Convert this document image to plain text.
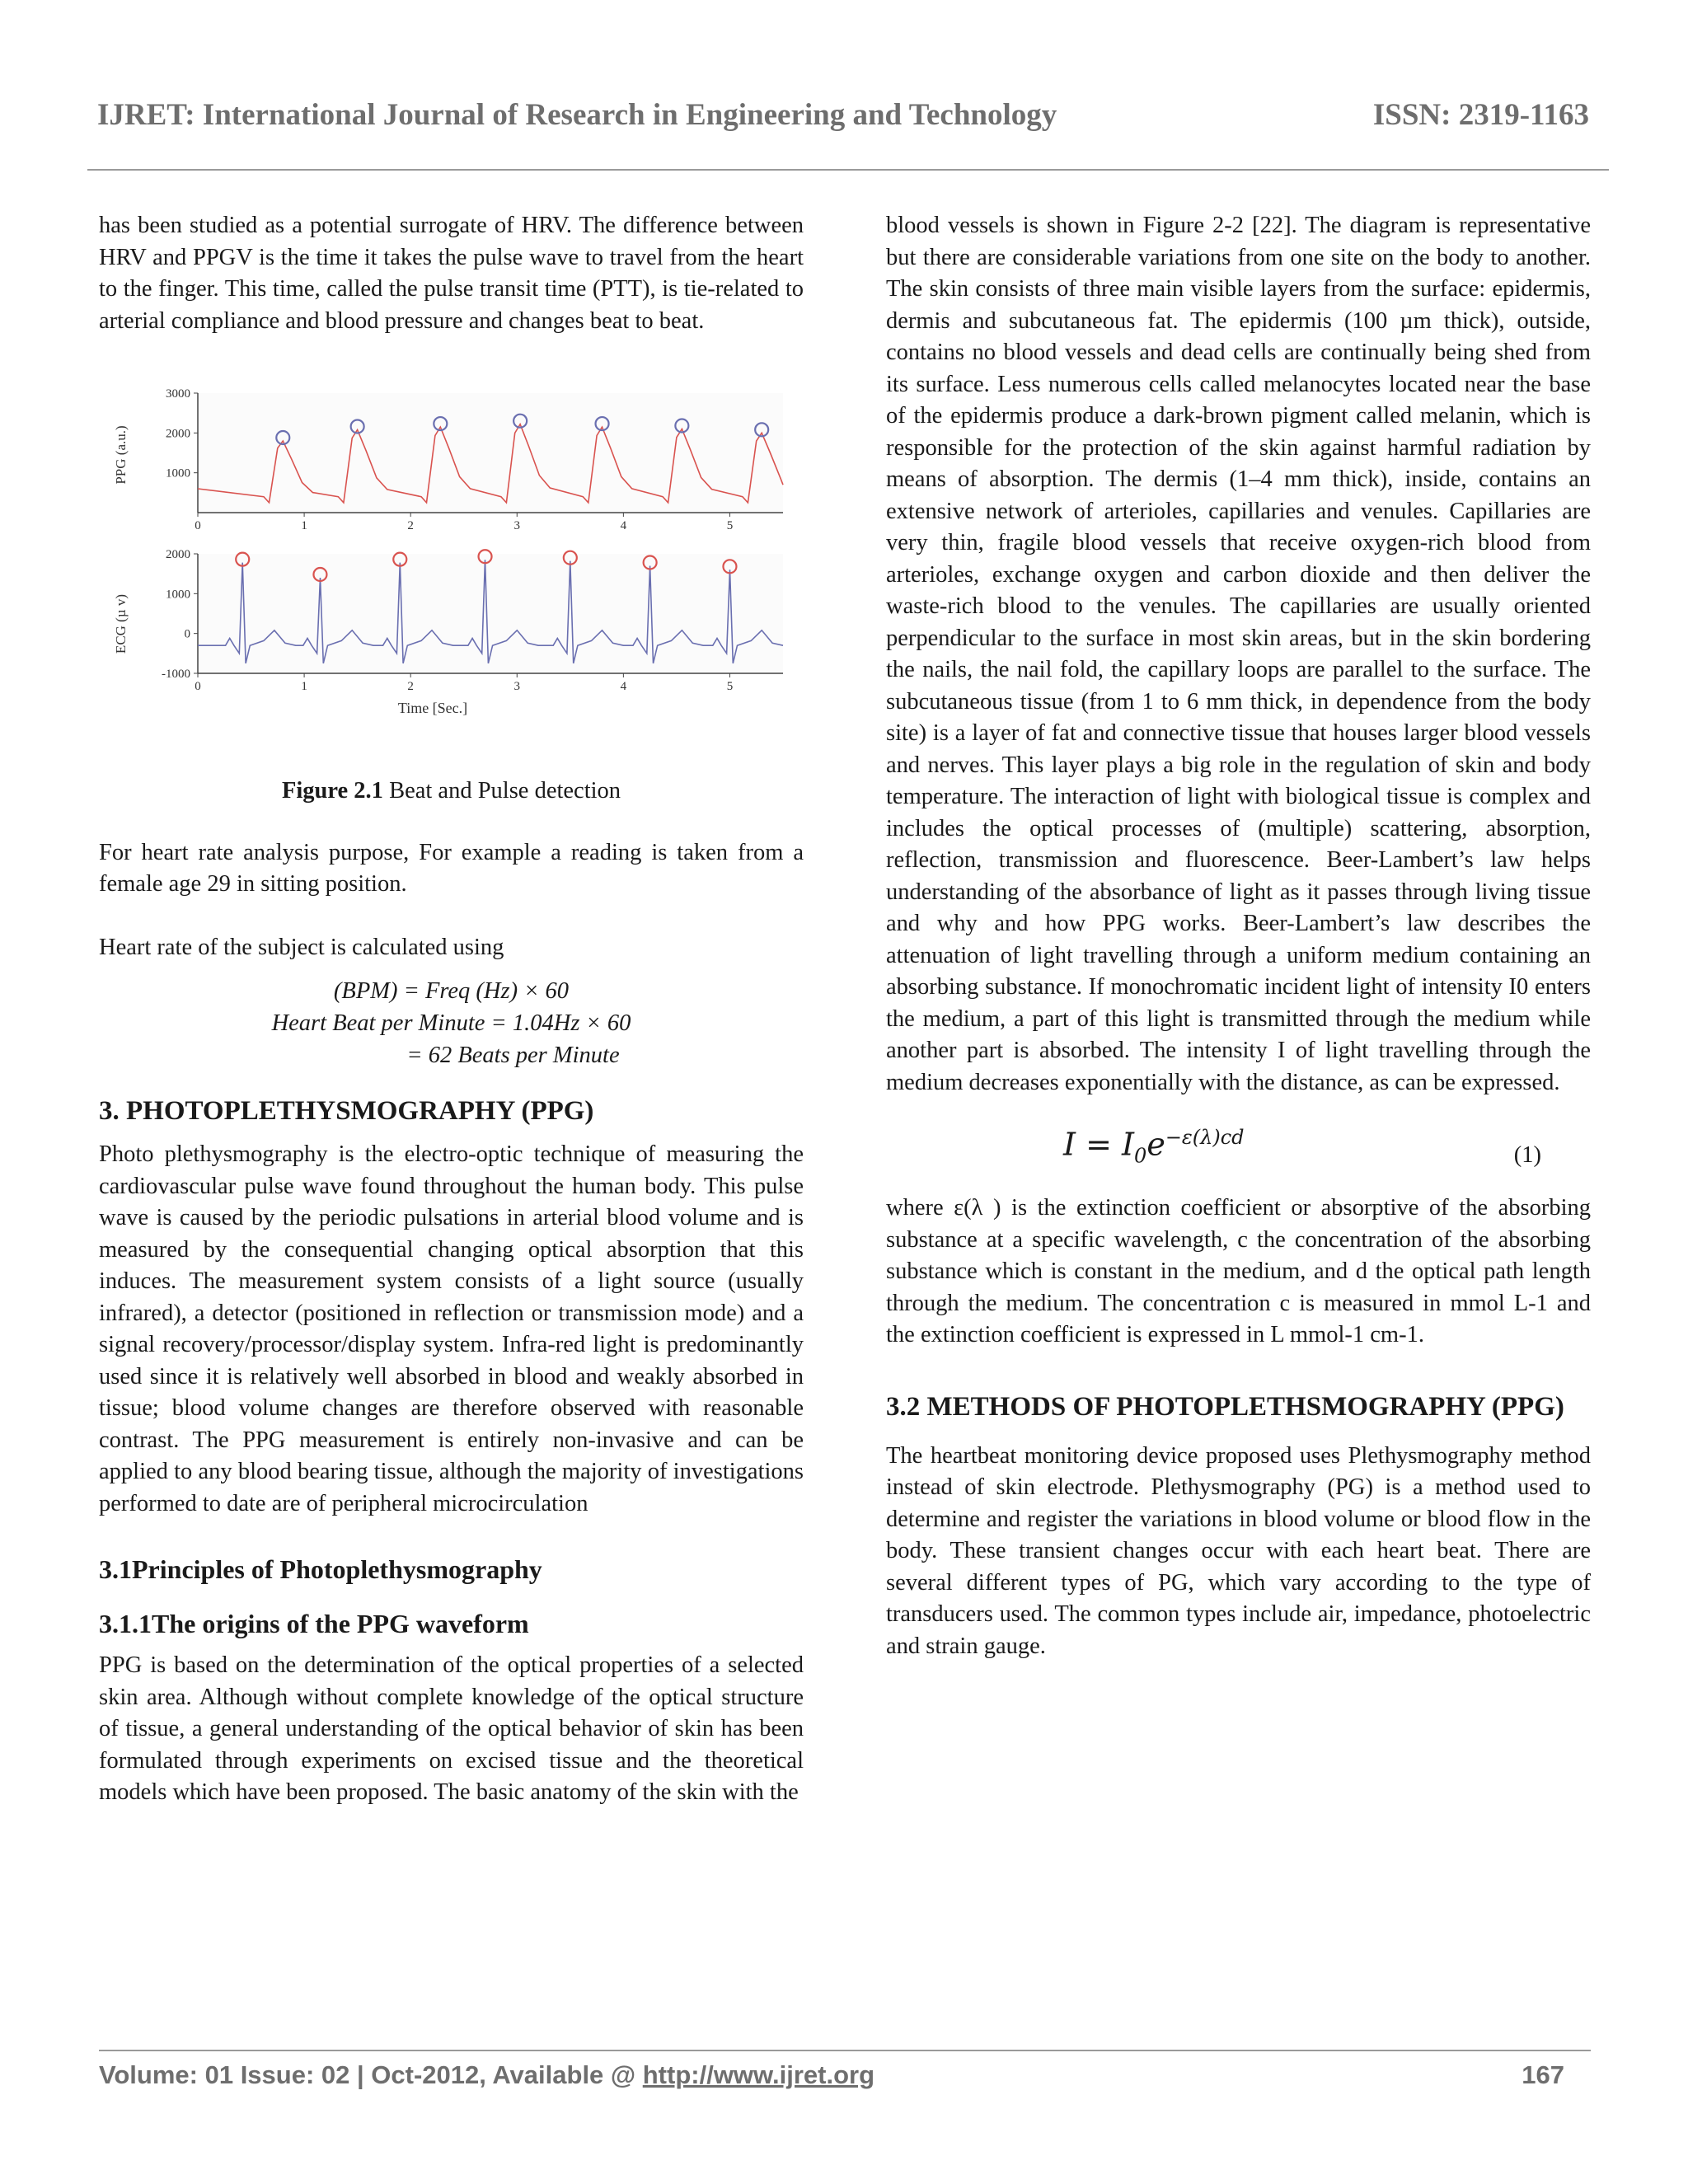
IJRET: International Journal of Research in Engineering and Technology	ISSN: 2319-1163

has been studied as a potential surrogate of HRV. The difference between HRV and PPGV is the time it takes the pulse wave to travel from the heart to the finger. This time, called the pulse transit time (PTT), is tie-related to arterial compliance and blood pressure and changes beat to beat.

PPG (a.u.)
ECG (µ v)
Time [Sec.]
1000
2000
3000
0	1	2	3	4	5
-1000
0
1000
2000
0	1	2	3	4	5
Figure 2.1 Beat and Pulse detection

For heart rate analysis purpose, For example a reading is taken from a female age 29 in sitting position.

Heart rate of the subject is calculated using

(BPM) = Freq (Hz) × 60
Heart Beat per Minute = 1.04Hz × 60
= 62 Beats per Minute
3. PHOTOPLETHYSMOGRAPHY (PPG)

Photo plethysmography is the electro-optic technique of measuring the cardiovascular pulse wave found throughout the human body. This pulse wave is caused by the periodic pulsations in arterial blood volume and is measured by the consequential changing optical absorption that this induces. The measurement system consists of a light source (usually infrared), a detector (positioned in reflection or transmission mode) and a signal recovery/processor/display system. Infra-red light is predominantly used since it is relatively well absorbed in blood and weakly absorbed in tissue; blood volume changes are therefore observed with reasonable contrast. The PPG measurement is entirely non-invasive and can be applied to any blood bearing tissue, although the majority of investigations performed to date are of peripheral microcirculation

3.1Principles of Photoplethysmography
3.1.1The origins of the PPG waveform

PPG is based on the determination of the optical properties of a selected skin area. Although without complete knowledge of the optical structure of tissue, a general understanding of the optical behavior of skin has been formulated through experiments on excised tissue and the theoretical models which have been proposed. The basic anatomy of the skin with the

blood vessels is shown in Figure 2-2 [22]. The diagram is representative but there are considerable variations from one site on the body to another. The skin consists of three main visible layers from the surface: epidermis, dermis and subcutaneous fat. The epidermis (100 µm thick), outside, contains no blood vessels and dead cells are continually being shed from its surface. Less numerous cells called melanocytes located near the base of the epidermis produce a dark-brown pigment called melanin, which is responsible for the protection of the skin against harmful radiation by means of absorption. The dermis (1–4 mm thick), inside, contains an extensive network of arterioles, capillaries and venules. Capillaries are very thin, fragile blood vessels that receive oxygen-rich blood from arterioles, exchange oxygen and carbon dioxide and then deliver the waste-rich blood to the venules. The capillaries are usually oriented perpendicular to the surface in most skin areas, but in the skin bordering the nails, the nail fold, the capillary loops are parallel to the surface. The subcutaneous tissue (from 1 to 6 mm thick, in dependence from the body site) is a layer of fat and connective tissue that houses larger blood vessels and nerves. This layer plays a big role in the regulation of skin and body temperature. The interaction of light with biological tissue is complex and includes the optical processes of (multiple) scattering, absorption, reflection, transmission and fluorescence. Beer-Lambert’s law helps understanding of the absorbance of light as it passes through living tissue and why and how PPG works. Beer-Lambert’s law describes the attenuation of light travelling through a uniform medium containing an absorbing substance. If monochromatic incident light of intensity I0 enters the medium, a part of this light is transmitted through the medium while another part is absorbed. The intensity I of light travelling through the medium decreases exponentially with the distance, as can be expressed.

$I = I_0e^{-\varepsilon(\lambda)cd}$
(1)

where ε(λ ) is the extinction coefficient or absorptive of the absorbing substance at a specific wavelength, c the concentration of the absorbing substance which is constant in the medium, and d the optical path length through the medium. The concentration c is measured in mmol L-1 and the extinction coefficient is expressed in L mmol-1 cm-1.

3.2 METHODS OF PHOTOPLETHSMOGRAPHY (PPG)

The heartbeat monitoring device proposed uses Plethysmography method instead of skin electrode. Plethysmography (PG) is a method used to determine and register the variations in blood volume or blood flow in the body. These transient changes occur with each heart beat. There are several different types of PG, which vary according to the type of transducers used. The common types include air, impedance, photoelectric and strain gauge.

Volume: 01 Issue: 02 | Oct-2012, Available @ http://www.ijret.org	167
